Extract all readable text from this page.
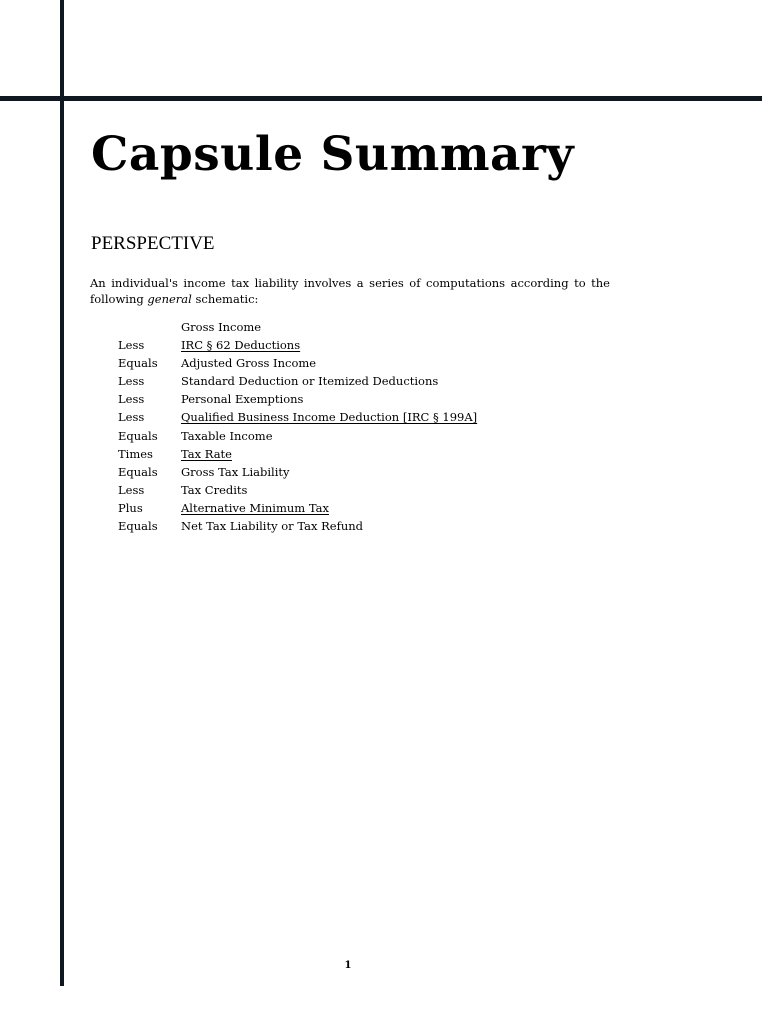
Capsule Summary
PERSPECTIVE

An individual's income tax liability involves a series of computations according to the
following general schematic:

Gross Income
Less	IRC § 62 Deductions
Equals Adjusted Gross Income
Less	Standard Deduction or Itemized Deductions
Less	Personal Exemptions
Less	Qualified Business Income Deduction [IRC § 199A]
Equals Taxable Income
Times Tax Rate
Equals Gross Tax Liability
Less	Tax Credits
Plus	Alternative Minimum Tax
Equals Net Tax Liability or Tax Refund
1
